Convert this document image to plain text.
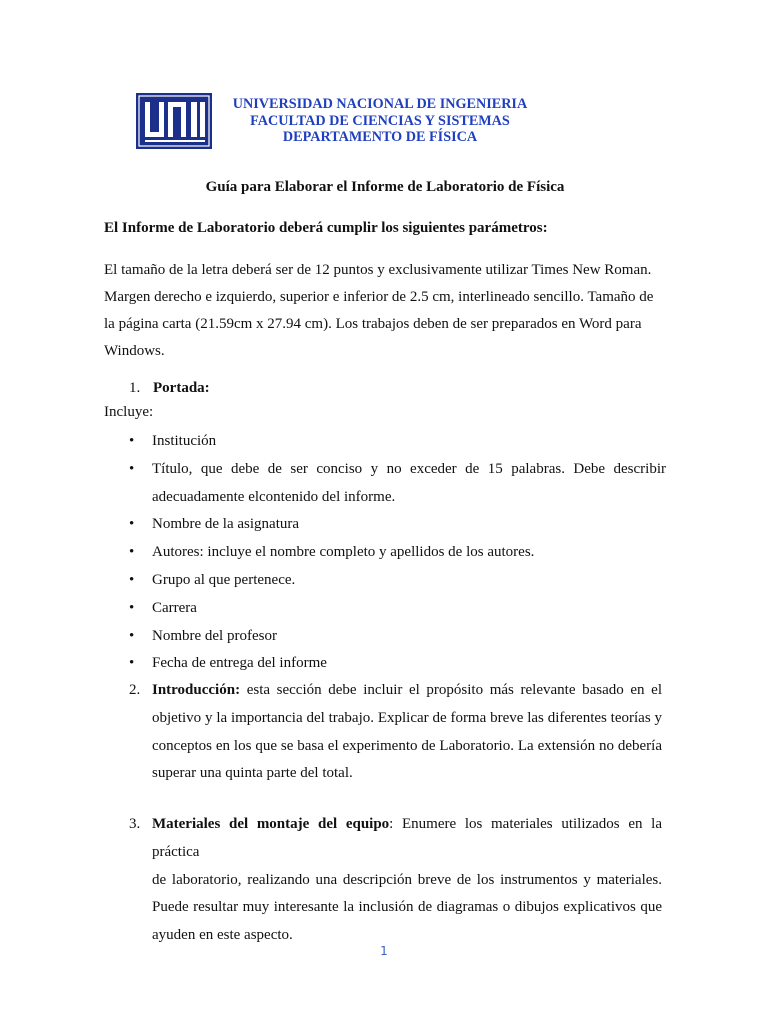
UNIVERSIDAD NACIONAL DE INGENIERIA
FACULTAD DE CIENCIAS Y SISTEMAS
DEPARTAMENTO DE FÍSICA
Guía para Elaborar el Informe de Laboratorio de Física
El Informe de Laboratorio deberá cumplir los siguientes parámetros:
El tamaño de la letra deberá ser de 12 puntos y exclusivamente utilizar Times New Roman.
Margen derecho e izquierdo, superior e inferior de 2.5 cm, interlineado sencillo. Tamaño de
la página carta (21.59cm x 27.94 cm). Los trabajos deben de ser preparados en Word para
Windows.
1. Portada:
Incluye:
• Institución
• Título, que debe de ser conciso y no exceder de 15 palabras. Debe describir
adecuadamente elcontenido del informe.
• Nombre de la asignatura
• Autores: incluye el nombre completo y apellidos de los autores.
• Grupo al que pertenece.
• Carrera
• Nombre del profesor
• Fecha de entrega del informe
2. Introducción: esta sección debe incluir el propósito más relevante basado en el
objetivo y la importancia del trabajo. Explicar de forma breve las diferentes teorías y
conceptos en los que se basa el experimento de Laboratorio. La extensión no debería
superar una quinta parte del total.
3. Materiales del montaje del equipo: Enumere los materiales utilizados en la práctica
de laboratorio, realizando una descripción breve de los instrumentos y materiales.
Puede resultar muy interesante la inclusión de diagramas o dibujos explicativos que
ayuden en este aspecto.
1
